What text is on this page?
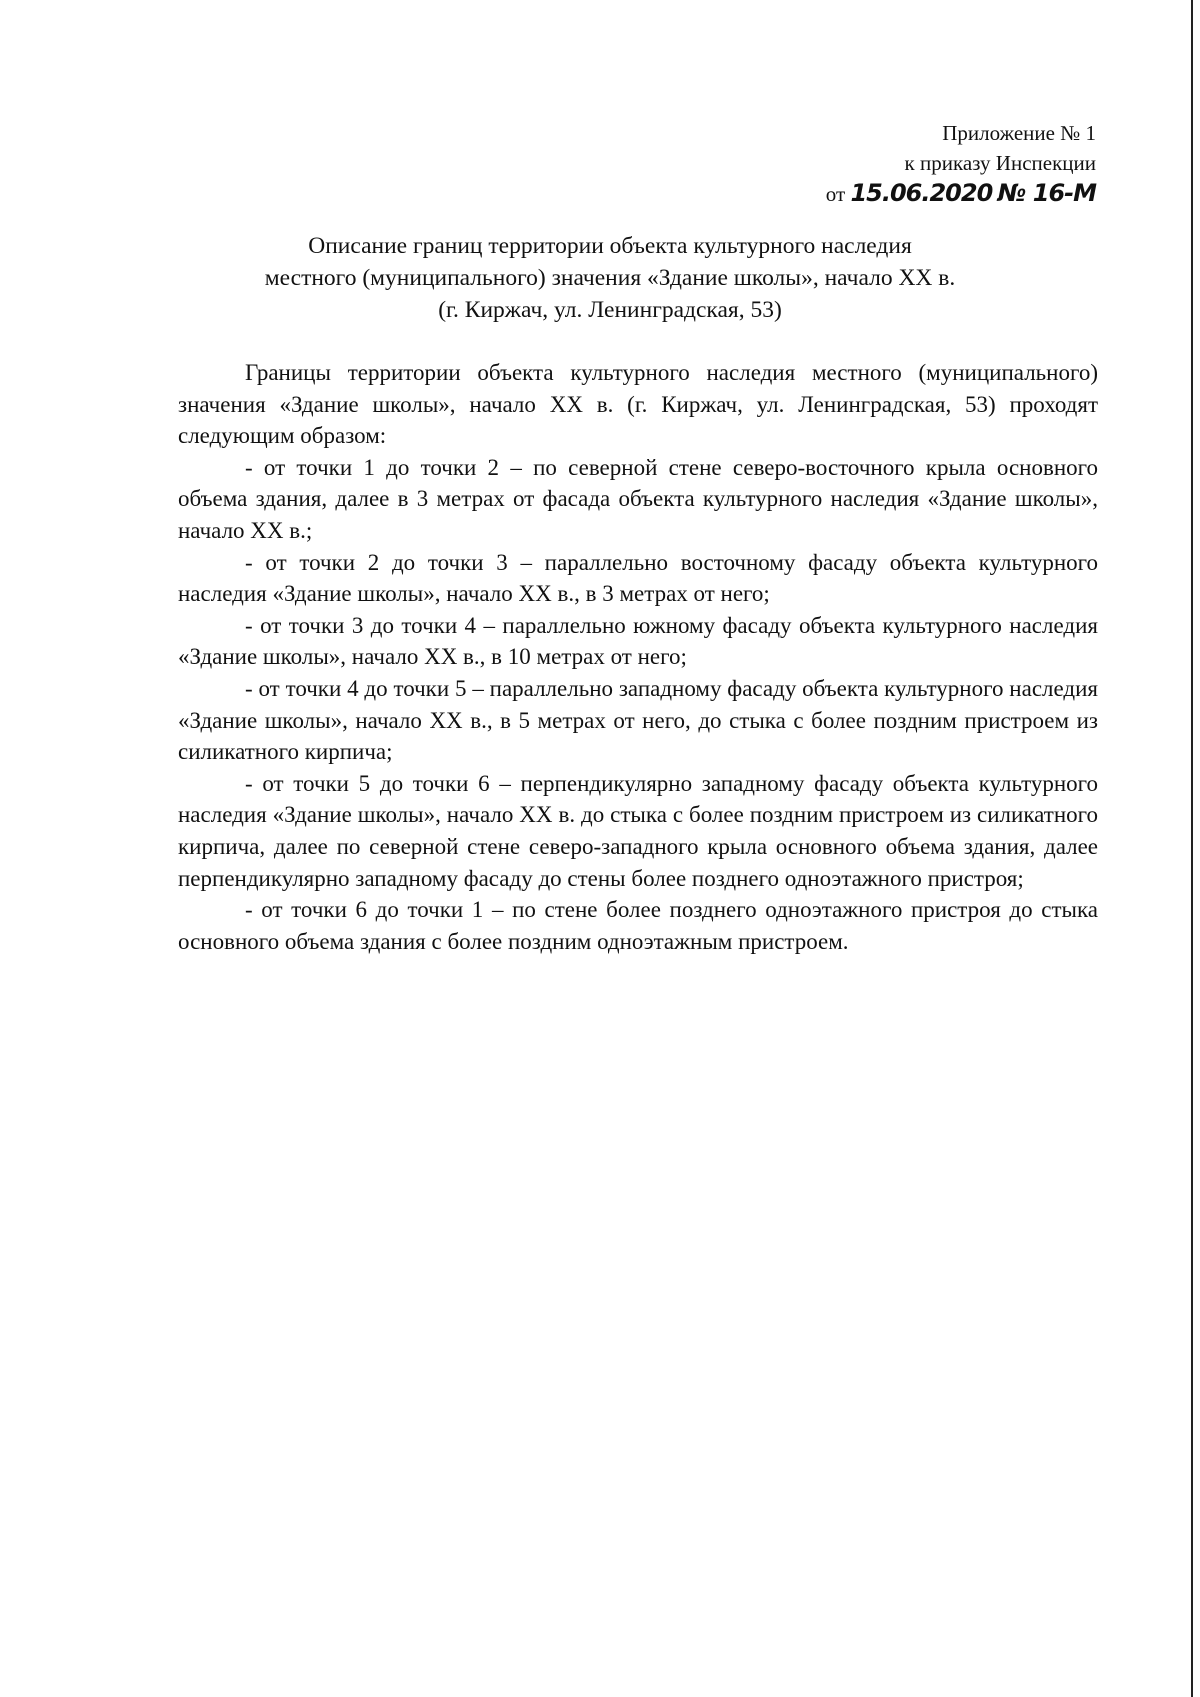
Приложение № 1
к приказу Инспекции
от 15.06.2020 № 16-М
Описание границ территории объекта культурного наследия
местного (муниципального) значения «Здание школы», начало XX в.
(г. Киржач, ул. Ленинградская, 53)

Границы территории объекта культурного наследия местного (муниципального) значения «Здание школы», начало XX в. (г. Киржач, ул. Ленинградская, 53) проходят следующим образом:

- от точки 1 до точки 2 – по северной стене северо-восточного крыла основного объема здания, далее в 3 метрах от фасада объекта культурного наследия «Здание школы», начало XX в.;

- от точки 2 до точки 3 – параллельно восточному фасаду объекта культурного наследия «Здание школы», начало XX в., в 3 метрах от него;

- от точки 3 до точки 4 – параллельно южному фасаду объекта культурного наследия «Здание школы», начало XX в., в 10 метрах от него;

- от точки 4 до точки 5 – параллельно западному фасаду объекта культурного наследия «Здание школы», начало XX в., в 5 метрах от него, до стыка с более поздним пристроем из силикатного кирпича;

- от точки 5 до точки 6 – перпендикулярно западному фасаду объекта культурного наследия «Здание школы», начало XX в. до стыка с более поздним пристроем из силикатного кирпича, далее по северной стене северо-западного крыла основного объема здания, далее перпендикулярно западному фасаду до стены более позднего одноэтажного пристроя;

- от точки 6 до точки 1 – по стене более позднего одноэтажного пристроя до стыка основного объема здания с более поздним одноэтажным пристроем.
